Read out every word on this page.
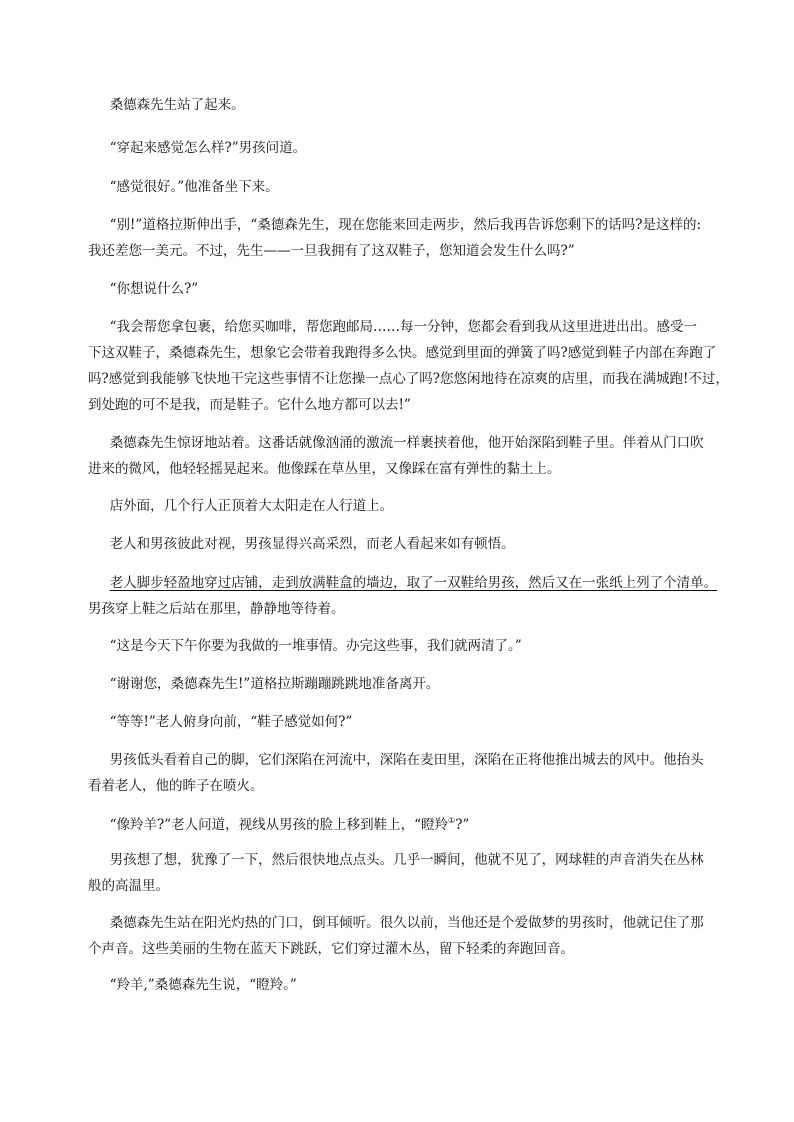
桑德森先生站了起来。

“穿起来感觉怎么样?”男孩问道。

“感觉很好。”他准备坐下来。

“别!”道格拉斯伸出手，“桑德森先生，现在您能来回走两步，然后我再告诉您剩下的话吗?是这样的:
我还差您一美元。不过，先生——一旦我拥有了这双鞋子，您知道会发生什么吗?”

“你想说什么?”

“我会帮您拿包裹，给您买咖啡，帮您跑邮局……每一分钟，您都会看到我从这里进进出出。感受一
下这双鞋子，桑德森先生，想象它会带着我跑得多么快。感觉到里面的弹簧了吗?感觉到鞋子内部在奔跑了
吗?感觉到我能够飞快地干完这些事情不让您操一点心了吗?您悠闲地待在凉爽的店里，而我在满城跑!不过，
到处跑的可不是我，而是鞋子。它什么地方都可以去!”

桑德森先生惊讶地站着。这番话就像汹涌的激流一样裹挟着他，他开始深陷到鞋子里。伴着从门口吹
进来的微风，他轻轻摇晃起来。他像踩在草丛里，又像踩在富有弹性的黏土上。

店外面，几个行人正顶着大太阳走在人行道上。

老人和男孩彼此对视，男孩显得兴高采烈，而老人看起来如有顿悟。

老人脚步轻盈地穿过店铺，走到放满鞋盒的墙边，取了一双鞋给男孩，然后又在一张纸上列了个清单。
男孩穿上鞋之后站在那里，静静地等待着。

“这是今天下午你要为我做的一堆事情。办完这些事，我们就两清了。”

“谢谢您，桑德森先生!”道格拉斯蹦蹦跳跳地准备离开。

“等等!”老人俯身向前，“鞋子感觉如何?”

男孩低头看着自己的脚，它们深陷在河流中，深陷在麦田里，深陷在正将他推出城去的风中。他抬头
看着老人，他的眸子在喷火。

“像羚羊?”老人问道，视线从男孩的脸上移到鞋上，“瞪羚①?”

男孩想了想，犹豫了一下，然后很快地点点头。几乎一瞬间，他就不见了，网球鞋的声音消失在丛林
般的高温里。

桑德森先生站在阳光灼热的门口，倒耳倾听。很久以前，当他还是个爱做梦的男孩时，他就记住了那
个声音。这些美丽的生物在蓝天下跳跃，它们穿过灌木丛，留下轻柔的奔跑回音。

“羚羊,”桑德森先生说，“瞪羚。”
